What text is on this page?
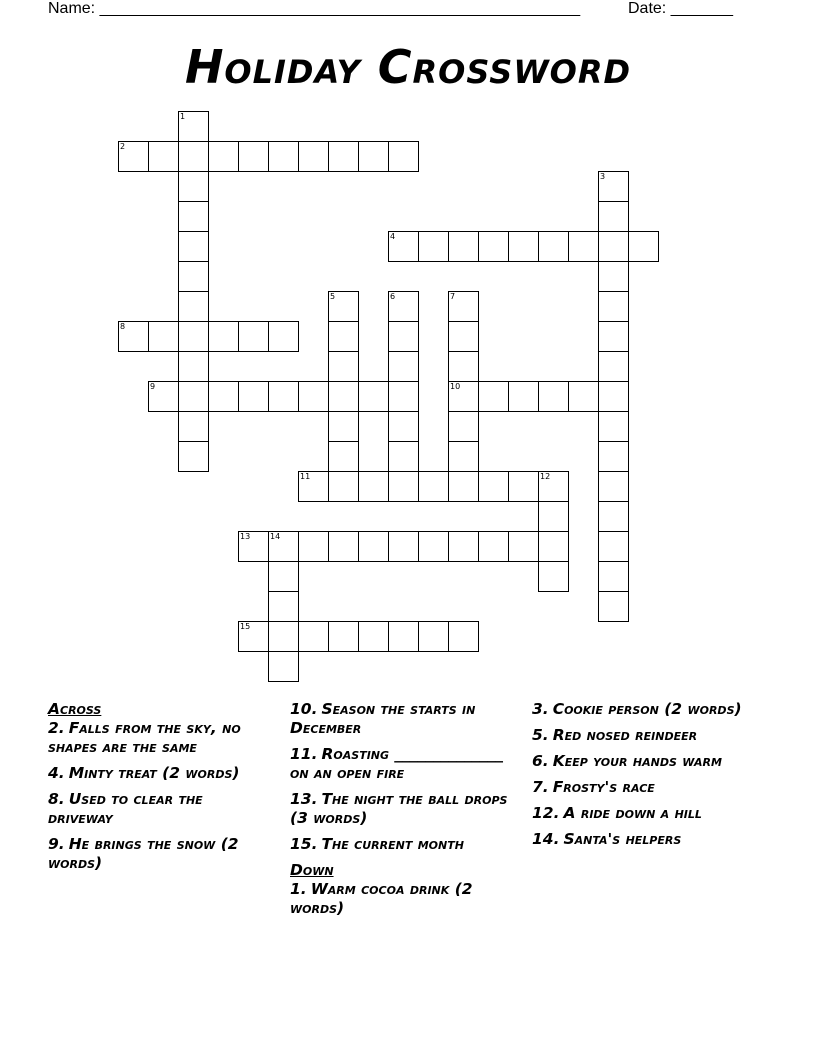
Name: ______________________________________________________	Date: _______
Holiday Crossword
1
2
3
4
5	6	7
10
8
9
11	12
13 14
15
Across
2. Falls from the sky, no shapes are the same
4. Minty treat (2 words)
8. Used to clear the driveway
9. He brings the snow (2 words)
10. Season the starts in December
11. Roasting ______________ on an open fire
13. The night the ball drops (3 words)
15. The current month
Down
1. Warm cocoa drink (2 words)
3. Cookie person (2 words)
5. Red nosed reindeer
6. Keep your hands warm
7. Frosty's race
12. A ride down a hill
14. Santa's helpers
